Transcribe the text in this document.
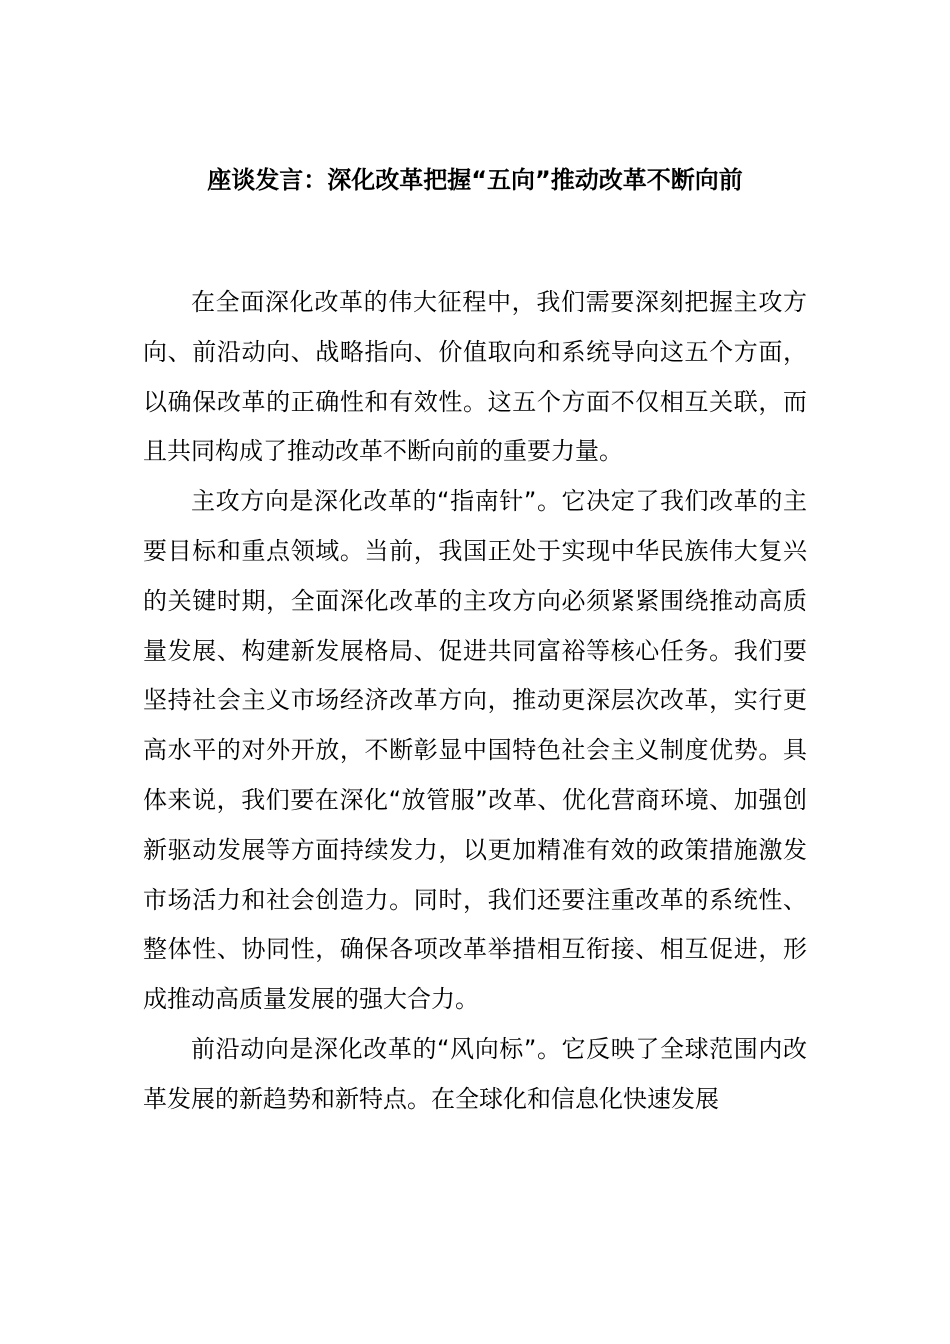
座谈发言：深化改革把握“五向”推动改革不断向前

在全面深化改革的伟大征程中，我们需要深刻把握主攻方向、前沿动向、战略指向、价值取向和系统导向这五个方面，以确保改革的正确性和有效性。这五个方面不仅相互关联，而且共同构成了推动改革不断向前的重要力量。

主攻方向是深化改革的“指南针”。它决定了我们改革的主要目标和重点领域。当前，我国正处于实现中华民族伟大复兴的关键时期，全面深化改革的主攻方向必须紧紧围绕推动高质量发展、构建新发展格局、促进共同富裕等核心任务。我们要坚持社会主义市场经济改革方向，推动更深层次改革，实行更高水平的对外开放，不断彰显中国特色社会主义制度优势。具体来说，我们要在深化“放管服”改革、优化营商环境、加强创新驱动发展等方面持续发力，以更加精准有效的政策措施激发市场活力和社会创造力。同时，我们还要注重改革的系统性、整体性、协同性，确保各项改革举措相互衔接、相互促进，形成推动高质量发展的强大合力。

前沿动向是深化改革的“风向标”。它反映了全球范围内改革发展的新趋势和新特点。在全球化和信息化快速发展
